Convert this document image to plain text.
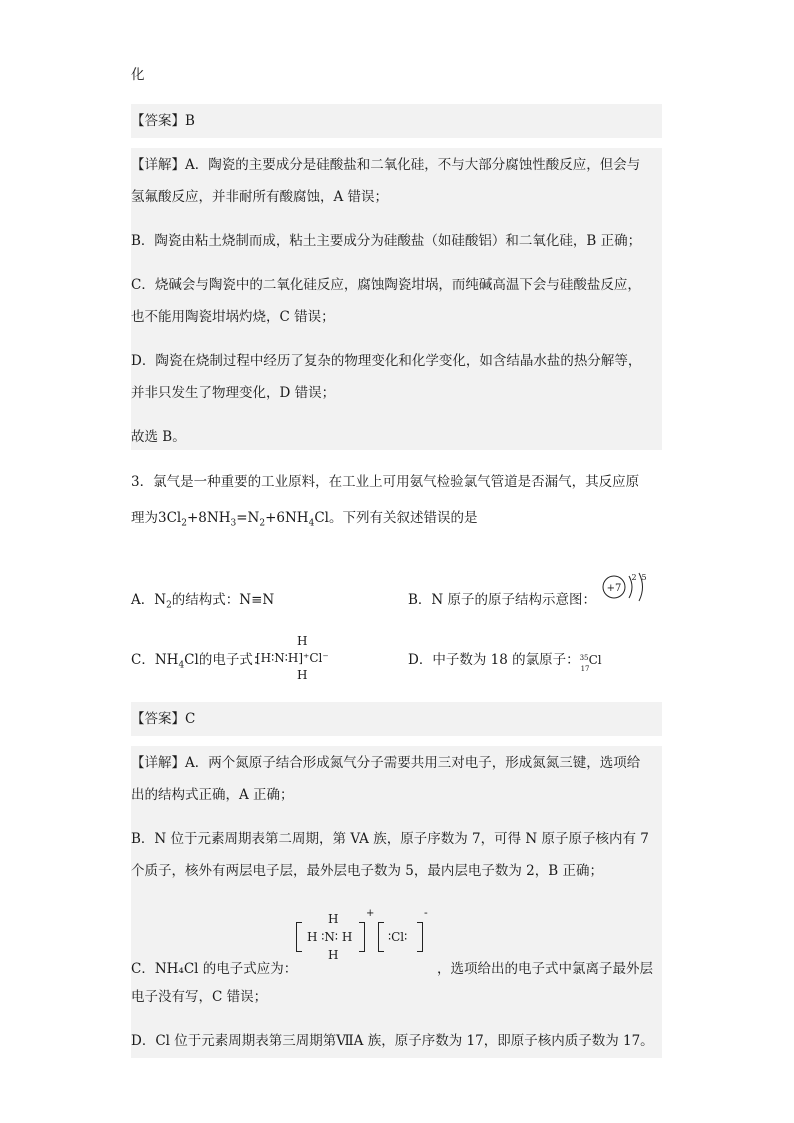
化
【答案】B
【详解】A．陶瓷的主要成分是硅酸盐和二氧化硅，不与大部分腐蚀性酸反应，但会与
氢氟酸反应，并非耐所有酸腐蚀，A 错误；
B．陶瓷由粘土烧制而成，粘土主要成分为硅酸盐（如硅酸铝）和二氧化硅，B 正确；
C．烧碱会与陶瓷中的二氧化硅反应，腐蚀陶瓷坩埚，而纯碱高温下会与硅酸盐反应，
也不能用陶瓷坩埚灼烧，C 错误；
D．陶瓷在烧制过程中经历了复杂的物理变化和化学变化，如含结晶水盐的热分解等，
并非只发生了物理变化，D 错误；
故选 B。
3．氯气是一种重要的工业原料，在工业上可用氨气检验氯气管道是否漏气，其反应原
理为$3Cl_2+8NH_3=N_2+6NH_4Cl$。下列有关叙述错误的是
A．$N_2$的结构式：N≡N	B．N 原子的原子结构示意图：
+7
2 5
C．$NH_4Cl$的电子式：
H
[H∶N∶H]⁺Cl⁻
H
D．中子数为 18 的氯原子： 35
17
Cl
【答案】C
【详解】A．两个氮原子结合形成氮气分子需要共用三对电子，形成氮氮三键，选项给
出的结构式正确，A 正确；
B．N 位于元素周期表第二周期，第 VA 族，原子序数为 7，可得 N 原子原子核内有 7
个质子，核外有两层电子层，最外层电子数为 5，最内层电子数为 2，B 正确；
H
H ∶N∶ H
H
+
∶Cl∶
-
C．NH₄Cl 的电子式应为：	，选项给出的电子式中氯离子最外层
电子没有写，C 错误；
D．Cl 位于元素周期表第三周期第ⅦA 族，原子序数为 17，即原子核内质子数为 17。
